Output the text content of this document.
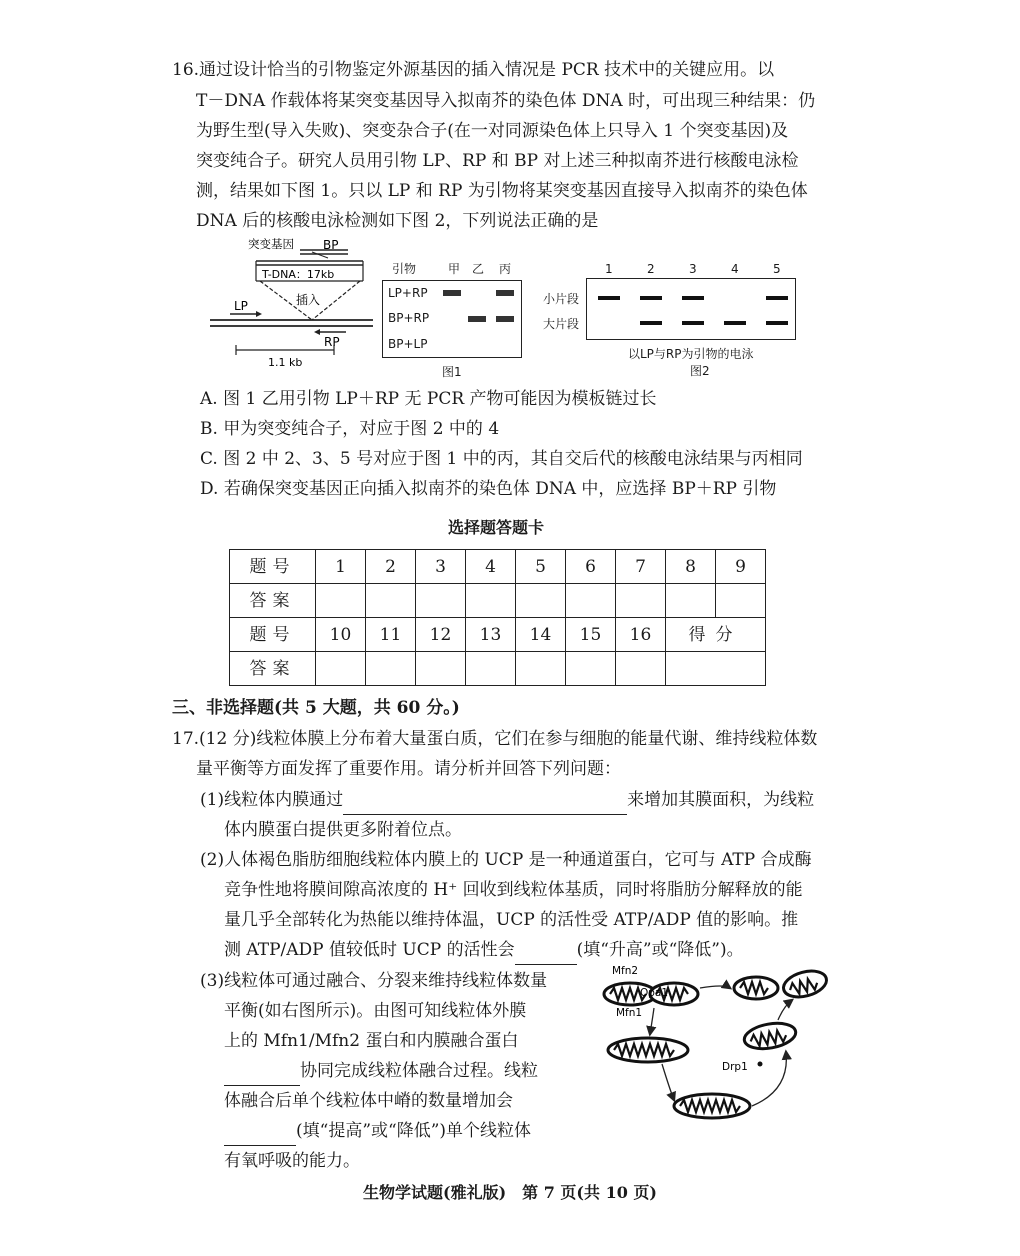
16.通过设计恰当的引物鉴定外源基因的插入情况是 PCR 技术中的关键应用。以
T－DNA 作载体将某突变基因导入拟南芥的染色体 DNA 时，可出现三种结果：仍
为野生型(导入失败)、突变杂合子(在一对同源染色体上只导入 1 个突变基因)及
突变纯合子。研究人员用引物 LP、RP 和 BP 对上述三种拟南芥进行核酸电泳检
测，结果如下图 1。只以 LP 和 RP 为引物将某突变基因直接导入拟南芥的染色体
DNA 后的核酸电泳检测如下图 2，下列说法正确的是
突变基因 BP
T-DNA：17kb
插入
LP
RP
1.1 kb
引物	甲 乙 丙
LP+RP
BP+RP
BP+LP
图1
1	2	3	4	5
小片段
大片段
以LP与RP为引物的电泳
图2
A. 图 1 乙用引物 LP＋RP 无 PCR 产物可能因为模板链过长
B. 甲为突变纯合子，对应于图 2 中的 4
C. 图 2 中 2、3、5 号对应于图 1 中的丙，其自交后代的核酸电泳结果与丙相同
D. 若确保突变基因正向插入拟南芥的染色体 DNA 中，应选择 BP＋RP 引物
选择题答题卡
题号	1	2	3	4	5	6	7	8	9
答案									
题号	10	11	12	13	14	15	16	得分	
答案									
三、非选择题(共 5 大题，共 60 分。)
17.(12 分)线粒体膜上分布着大量蛋白质，它们在参与细胞的能量代谢、维持线粒体数
量平衡等方面发挥了重要作用。请分析并回答下列问题：
(1)线粒体内膜通过	来增加其膜面积，为线粒
体内膜蛋白提供更多附着位点。
(2)人体褐色脂肪细胞线粒体内膜上的 UCP 是一种通道蛋白，它可与 ATP 合成酶
竞争性地将膜间隙高浓度的 H⁺ 回收到线粒体基质，同时将脂肪分解释放的能
量几乎全部转化为热能以维持体温，UCP 的活性受 ATP/ADP 值的影响。推
测 ATP/ADP 值较低时 UCP 的活性会	(填“升高”或“降低”)。
(3)线粒体可通过融合、分裂来维持线粒体数量
平衡(如右图所示)。由图可知线粒体外膜
上的 Mfn1/Mfn2 蛋白和内膜融合蛋白
协同完成线粒体融合过程。线粒
体融合后单个线粒体中嵴的数量增加会
(填“提高”或“降低”)单个线粒体
有氧呼吸的能力。
Mfn2
Opa1
Mfn1
Drp1
生物学试题(雅礼版)　第 7 页(共 10 页)
